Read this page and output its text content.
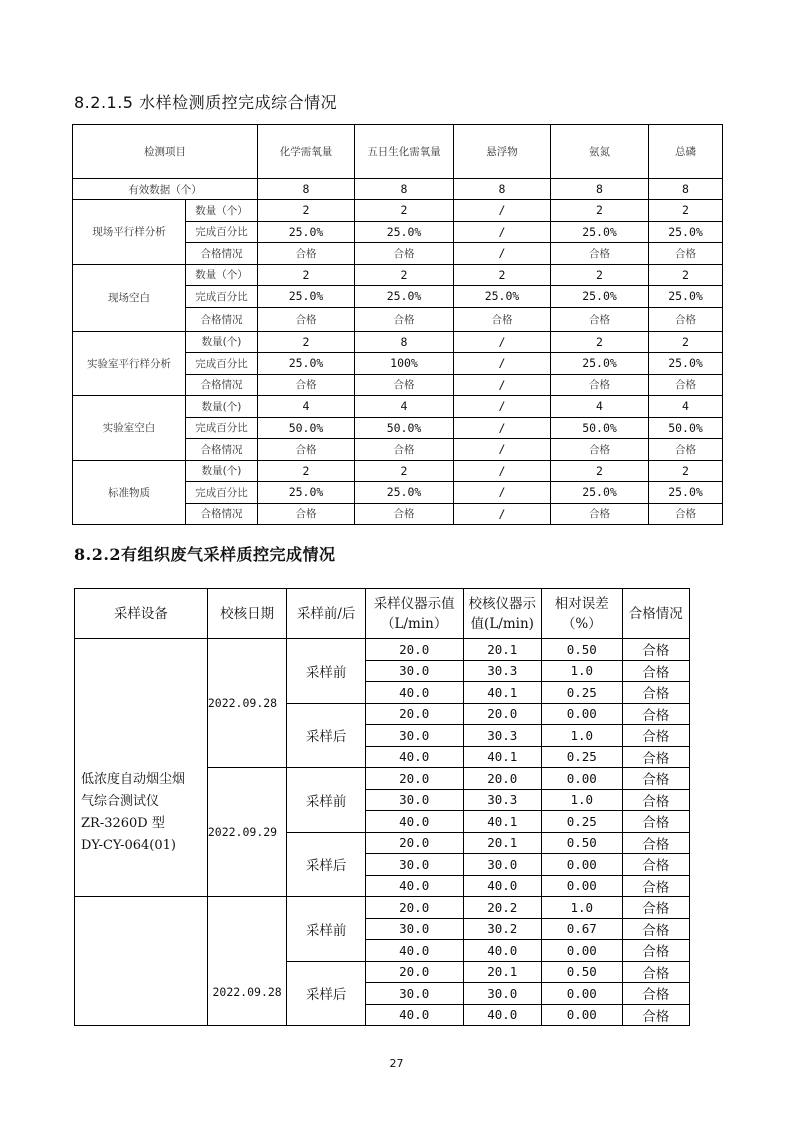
8.2.1.5 水样检测质控完成综合情况
检测项目		化学需氧量	五日生化需氧量	悬浮物	氨氮	总磷
有效数据（个）		8	8	8	8	8
现场平行样分析	数量（个）	2	2	/	2	2
	完成百分比	25.0%	25.0%	/	25.0%	25.0%
	合格情况	合格	合格	/	合格	合格
现场空白	数量（个）	2	2	2	2	2
	完成百分比	25.0%	25.0%	25.0%	25.0%	25.0%
	合格情况	合格	合格	合格	合格	合格
实验室平行样分析	数量(个)	2	8	/	2	2
	完成百分比	25.0%	100%	/	25.0%	25.0%
	合格情况	合格	合格	/	合格	合格
实验室空白	数量(个)	4	4	/	4	4
	完成百分比	50.0%	50.0%	/	50.0%	50.0%
	合格情况	合格	合格	/	合格	合格
标准物质	数量(个)	2	2	/	2	2
	完成百分比	25.0%	25.0%	/	25.0%	25.0%
	合格情况	合格	合格	/	合格	合格
8.2.2有组织废气采样质控完成情况
采样设备	校核日期	采样前/后	采样仪器示值（L/min）	校核仪器示值(L/min)	相对误差（%）	合格情况

低浓度自动烟尘烟
气综合测试仪
ZR-3260D 型
DY-CY-064(01)	2022.09.28	采样前	20.0	20.1	0.50	合格
			30.0	30.3	1.0	合格
			40.0	40.1	0.25	合格
		采样后	20.0	20.0	0.00	合格
			30.0	30.3	1.0	合格
			40.0	40.1	0.25	合格
	2022.09.29	采样前	20.0	20.0	0.00	合格
			30.0	30.3	1.0	合格
			40.0	40.1	0.25	合格
		采样后	20.0	20.1	0.50	合格
			30.0	30.0	0.00	合格
			40.0	40.0	0.00	合格
	2022.09.28	采样前	20.0	20.2	1.0	合格
			30.0	30.2	0.67	合格
			40.0	40.0	0.00	合格
		采样后	20.0	20.1	0.50	合格
			30.0	30.0	0.00	合格
			40.0	40.0	0.00	合格
27
